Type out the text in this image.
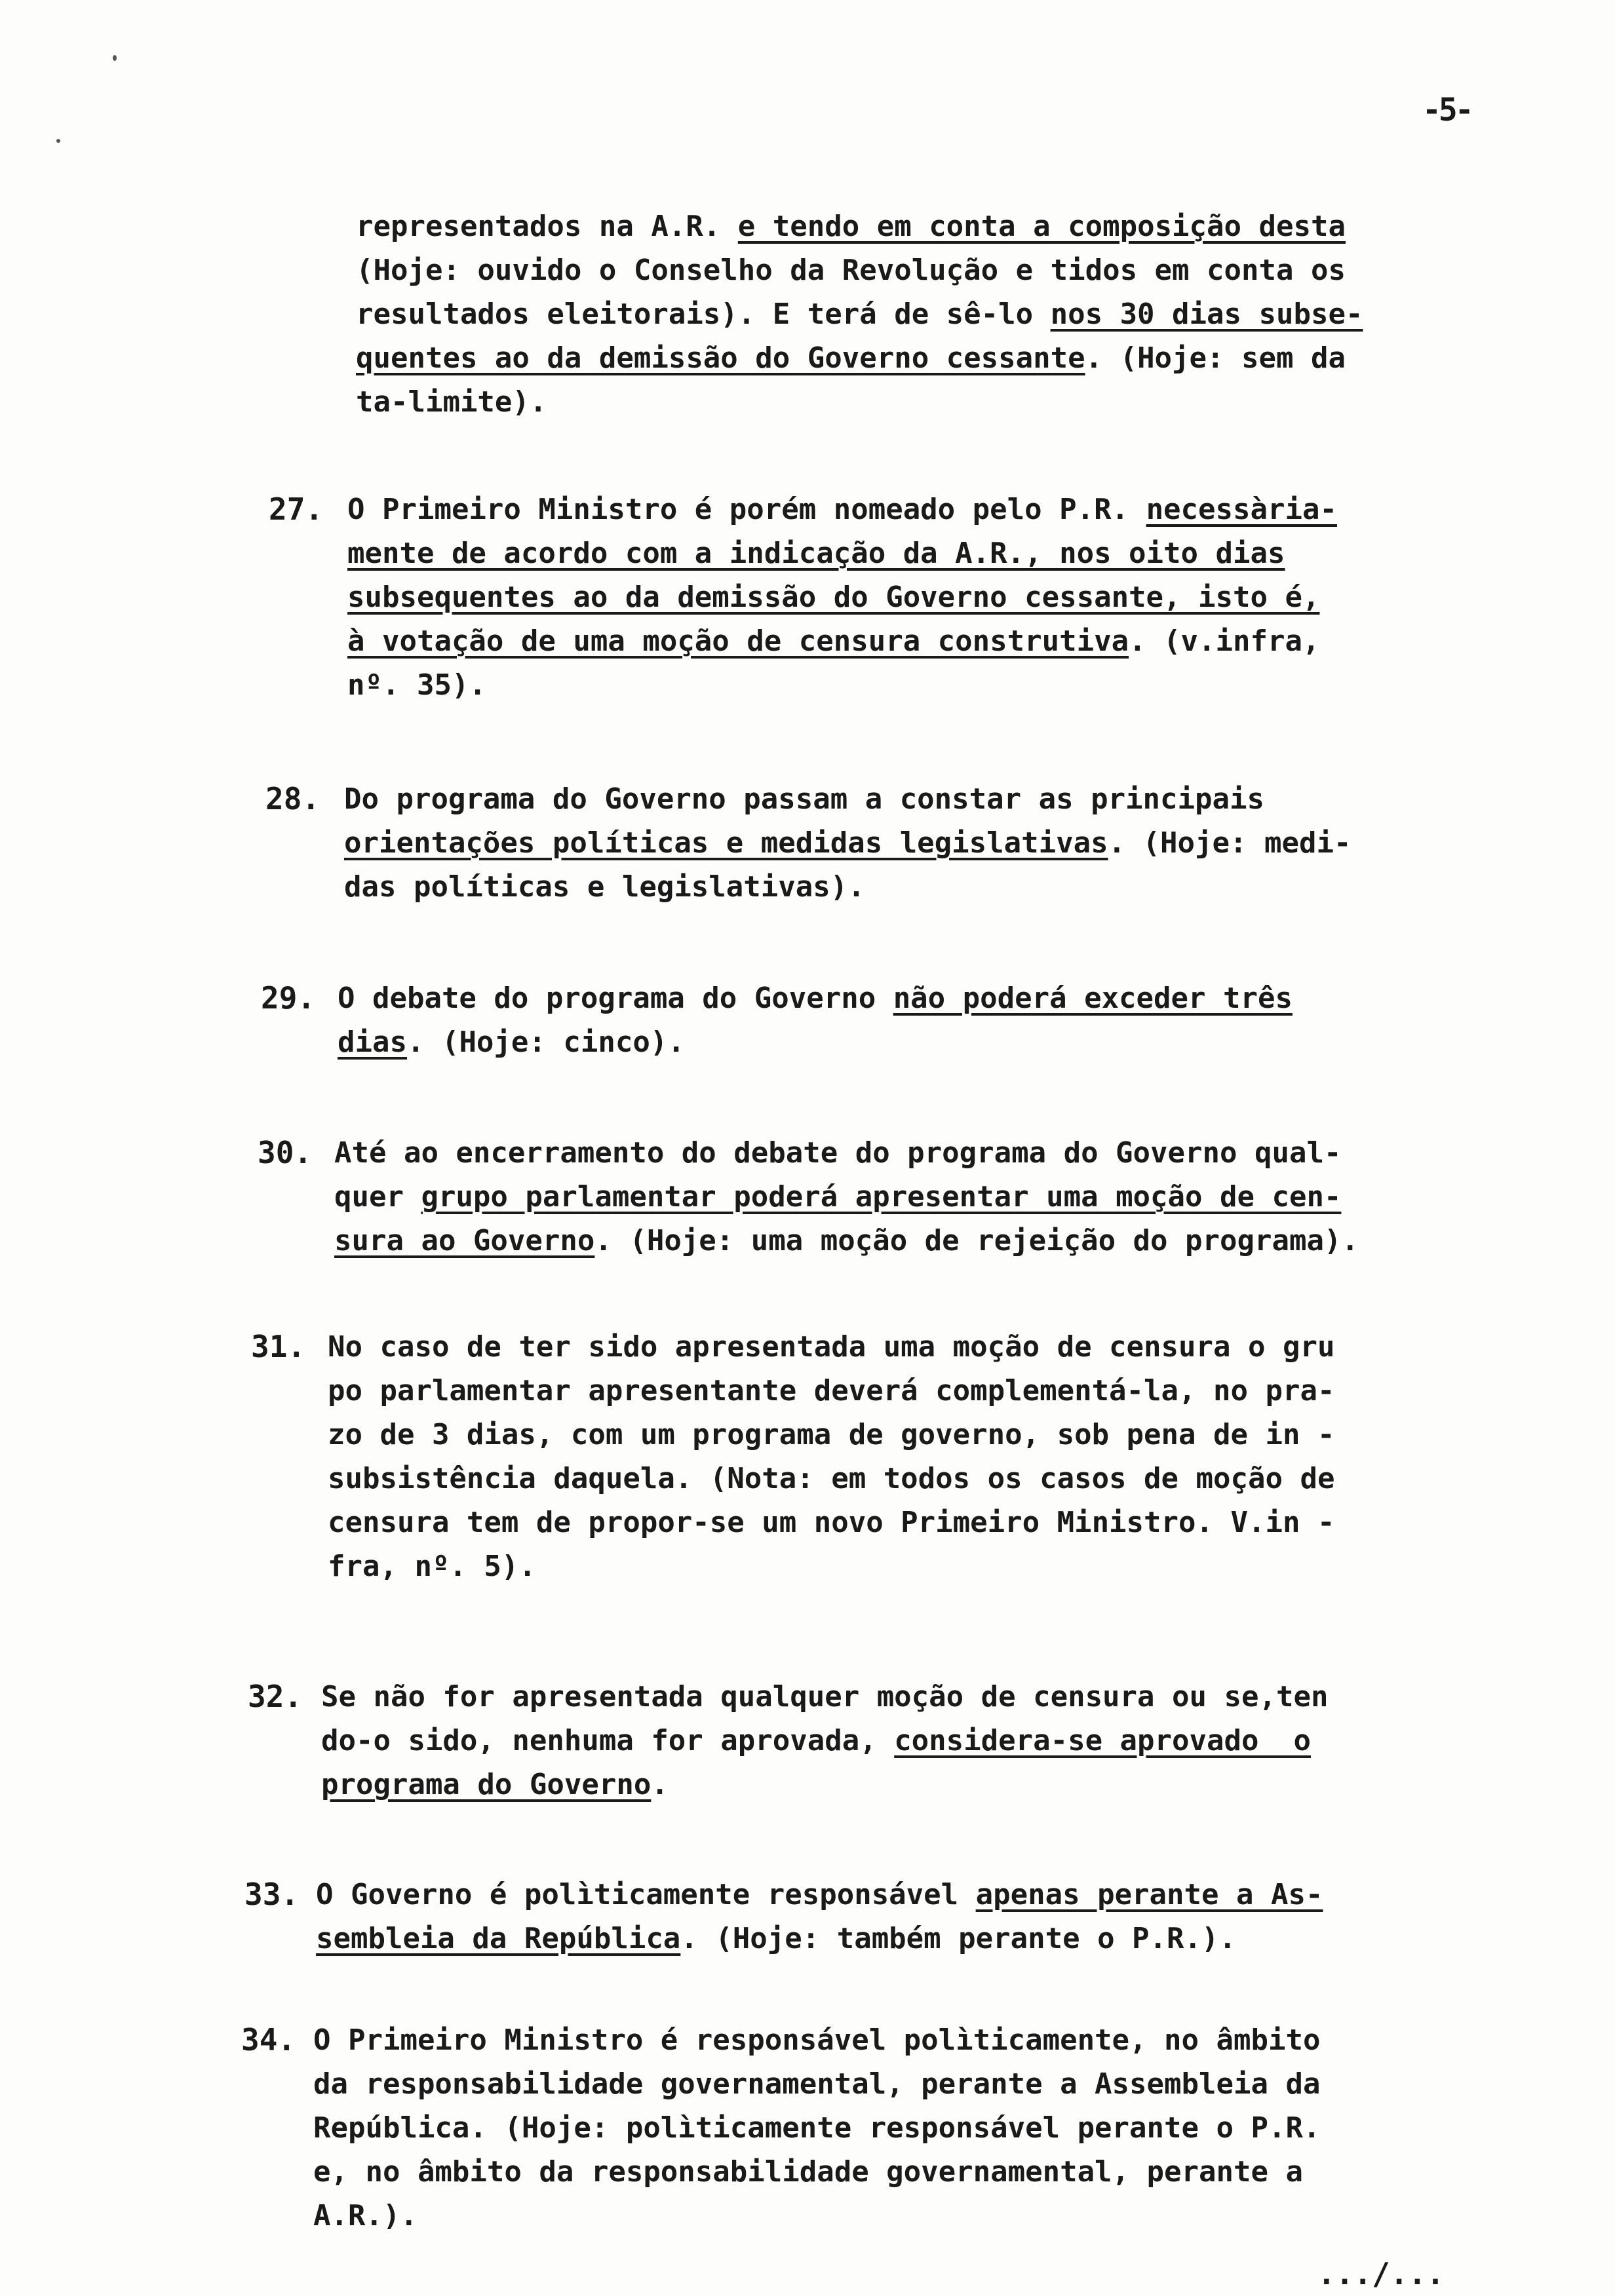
-5-
representados na A.R. e tendo em conta a composição desta
(Hoje: ouvido o Conselho da Revolução e tidos em conta os
resultados eleitorais). E terá de sê-lo nos 30 dias subse-
quentes ao da demissão do Governo cessante. (Hoje: sem da
ta-limite).
27. O Primeiro Ministro é porém nomeado pelo P.R. necessària-
mente de acordo com a indicação da A.R., nos oito dias
subsequentes ao da demissão do Governo cessante, isto é,
à votação de uma moção de censura construtiva. (v.infra,
nº. 35).
28. Do programa do Governo passam a constar as principais
orientações políticas e medidas legislativas. (Hoje: medi-
das políticas e legislativas).
29. O debate do programa do Governo não poderá exceder três
dias. (Hoje: cinco).
30. Até ao encerramento do debate do programa do Governo qual-
quer grupo parlamentar poderá apresentar uma moção de cen-
sura ao Governo. (Hoje: uma moção de rejeição do programa).
31. No caso de ter sido apresentada uma moção de censura o gru
po parlamentar apresentante deverá complementá-la, no pra-
zo de 3 dias, com um programa de governo, sob pena de in -
subsistência daquela. (Nota: em todos os casos de moção de
censura tem de propor-se um novo Primeiro Ministro. V.in -
fra, nº. 5).
32. Se não for apresentada qualquer moção de censura ou se,ten
do-o sido, nenhuma for aprovada, considera-se aprovado  o
programa do Governo.
33. O Governo é polìticamente responsável apenas perante a As-
sembleia da República. (Hoje: também perante o P.R.).
34. O Primeiro Ministro é responsável polìticamente, no âmbito
da responsabilidade governamental, perante a Assembleia da
República. (Hoje: polìticamente responsável perante o P.R.
e, no âmbito da responsabilidade governamental, perante a
A.R.).
.../...
